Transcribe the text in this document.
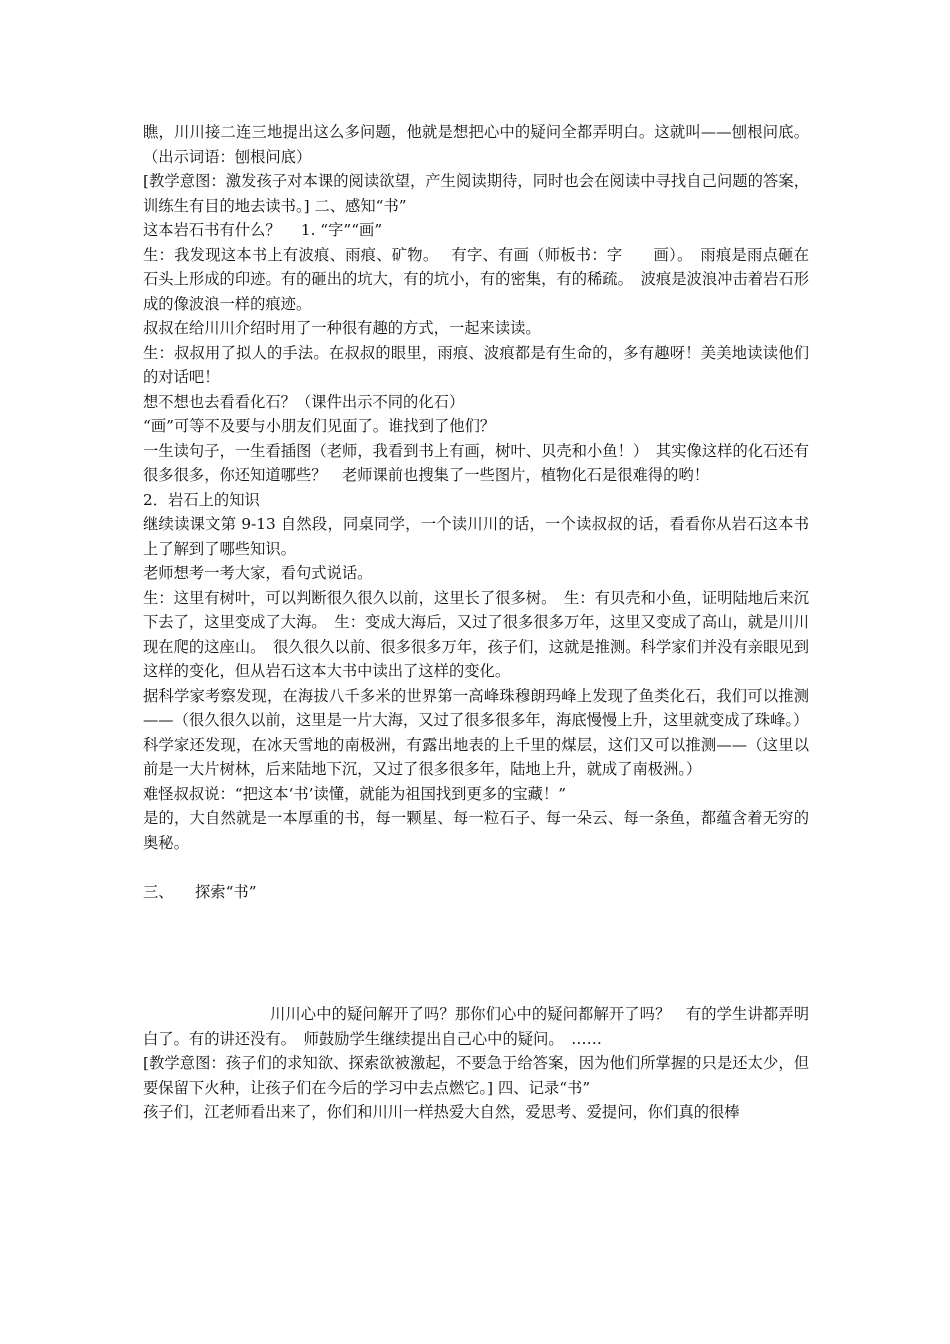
瞧，川川接二连三地提出这么多问题，他就是想把心中的疑问全都弄明白。这就叫——刨根问底。（出示词语：刨根问底）

[教学意图：激发孩子对本课的阅读欲望，产生阅读期待，同时也会在阅读中寻找自己问题的答案，训练生有目的地去读书。] 二、感知“书”

这本岩石书有什么？　 1. “字”“画”

生：我发现这本书上有波痕、雨痕、矿物。　 有字、有画（师板书：字　　画）。　雨痕是雨点砸在石头上形成的印迹。有的砸出的坑大，有的坑小，有的密集，有的稀疏。　波痕是波浪冲击着岩石形成的像波浪一样的痕迹。

叔叔在给川川介绍时用了一种很有趣的方式，一起来读读。

生：叔叔用了拟人的手法。在叔叔的眼里，雨痕、波痕都是有生命的，多有趣呀！美美地读读他们的对话吧！

想不想也去看看化石？（课件出示不同的化石）

“画”可等不及要与小朋友们见面了。谁找到了他们？

一生读句子，一生看插图（老师，我看到书上有画，树叶、贝壳和小鱼！）　其实像这样的化石还有很多很多，你还知道哪些？　老师课前也搜集了一些图片，植物化石是很难得的哟！

2．岩石上的知识

继续读课文第 9-13 自然段，同桌同学，一个读川川的话，一个读叔叔的话，看看你从岩石这本书上了解到了哪些知识。

老师想考一考大家，看句式说话。

生：这里有树叶，可以判断很久很久以前，这里长了很多树。　生：有贝壳和小鱼，证明陆地后来沉下去了，这里变成了大海。　生：变成大海后，又过了很多很多万年，这里又变成了高山，就是川川现在爬的这座山。　很久很久以前、很多很多万年，孩子们，这就是推测。科学家们并没有亲眼见到这样的变化，但从岩石这本大书中读出了这样的变化。

据科学家考察发现，在海拔八千多米的世界第一高峰珠穆朗玛峰上发现了鱼类化石，我们可以推测——（很久很久以前，这里是一片大海，又过了很多很多年，海底慢慢上升，这里就变成了珠峰。）

科学家还发现，在冰天雪地的南极洲，有露出地表的上千里的煤层，这们又可以推测——（这里以前是一大片树林，后来陆地下沉，又过了很多很多年，陆地上升，就成了南极洲。）

难怪叔叔说：“把这本‘书’读懂，就能为祖国找到更多的宝藏！”

是的，大自然就是一本厚重的书，每一颗星、每一粒石子、每一朵云、每一条鱼，都蕴含着无穷的奥秘。

三、 探索“书”

川川心中的疑问解开了吗？那你们心中的疑问都解开了吗？　有的学生讲都弄明白了。有的讲还没有。　师鼓励学生继续提出自己心中的疑问。　……

[教学意图：孩子们的求知欲、探索欲被激起，不要急于给答案，因为他们所掌握的只是还太少，但要保留下火种，让孩子们在今后的学习中去点燃它。] 四、记录“书”

孩子们，江老师看出来了，你们和川川一样热爱大自然，爱思考、爱提问，你们真的很棒
